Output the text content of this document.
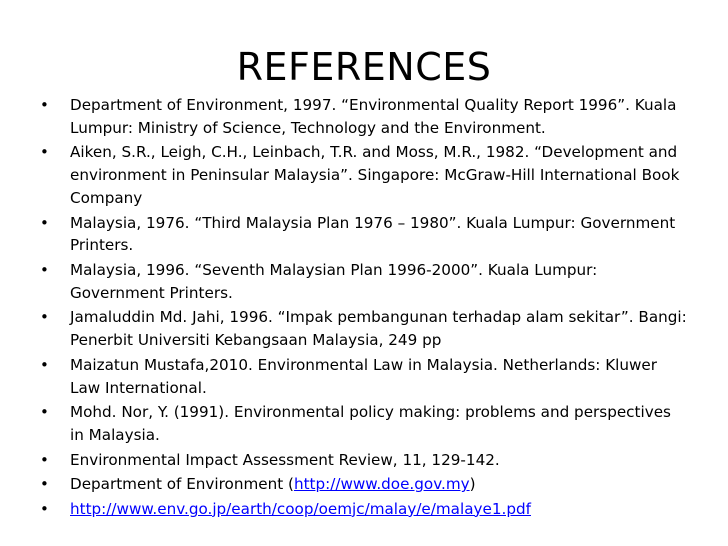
REFERENCES
• Department of Environment, 1997. “Environmental Quality Report 1996”. Kuala Lumpur: Ministry of Science, Technology and the Environment.
• Aiken, S.R., Leigh, C.H., Leinbach, T.R. and Moss, M.R., 1982. “Development and environment in Peninsular Malaysia”. Singapore: McGraw-Hill International Book Company
• Malaysia, 1976. “Third Malaysia Plan 1976 – 1980”. Kuala Lumpur: Government Printers.
• Malaysia, 1996. “Seventh Malaysian Plan 1996-2000”. Kuala Lumpur: Government Printers.
• Jamaluddin Md. Jahi, 1996. “Impak pembangunan terhadap alam sekitar”. Bangi: Penerbit Universiti Kebangsaan Malaysia, 249 pp
• Maizatun Mustafa,2010. Environmental Law in Malaysia. Netherlands: Kluwer Law International.
• Mohd. Nor, Y. (1991). Environmental policy making: problems and perspectives in Malaysia.
• Environmental Impact Assessment Review, 11, 129-142.
• Department of Environment (http://www.doe.gov.my)
• http://www.env.go.jp/earth/coop/oemjc/malay/e/malaye1.pdf
